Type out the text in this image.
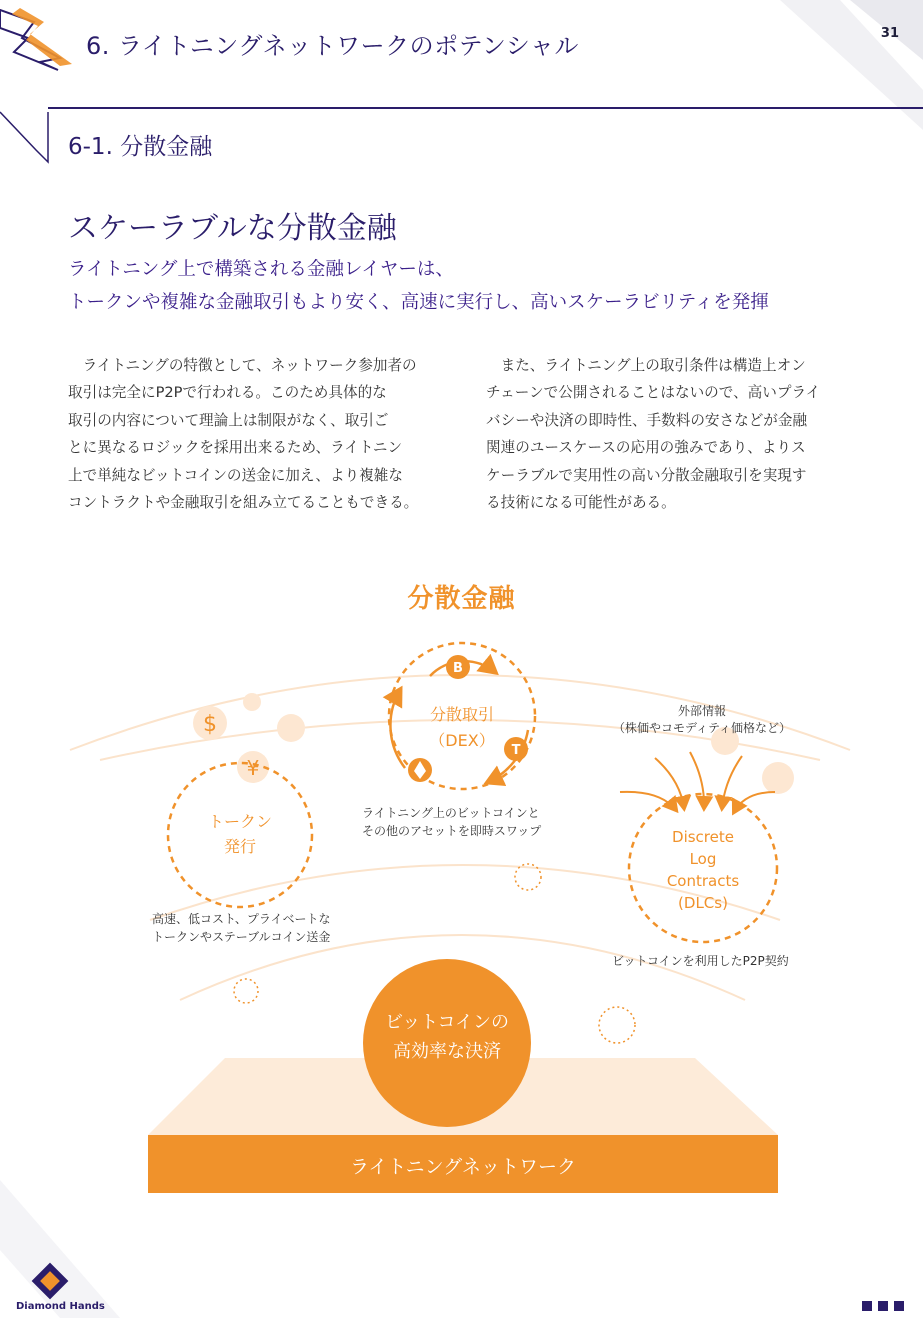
6. ライトニングネットワークのポテンシャル	31
6-1. 分散金融
スケーラブルな分散金融
ライトニング上で構築される金融レイヤーは、
トークンや複雑な金融取引もより安く、高速に実行し、高いスケーラビリティを発揮
ライトニングの特徴として、ネットワーク参加者の
取引は完全にP2Pで行われる。このため具体的な
取引の内容について理論上は制限がなく、取引ご
とに異なるロジックを採用出来るため、ライトニン
上で単純なビットコインの送金に加え、より複雑な
コントラクトや金融取引を組み立てることもできる。
また、ライトニング上の取引条件は構造上オン
チェーンで公開されることはないので、高いプライ
バシーや決済の即時性、手数料の安さなどが金融
関連のユースケースの応用の強みであり、よりス
ケーラブルで実用性の高い分散金融取引を実現す
る技術になる可能性がある。
分散金融
$
¥
トークン
発行
高速、低コスト、プライベートな
トークンやステーブルコイン送金
B
T
分散取引
（DEX）
ライトニング上のビットコインと
その他のアセットを即時スワップ
外部情報
（株価やコモディティ価格など）
Discrete
Log
Contracts
(DLCs)
ビットコインを利用したP2P契約
ライトニングネットワーク
ビットコインの
高効率な決済
Diamond Hands
